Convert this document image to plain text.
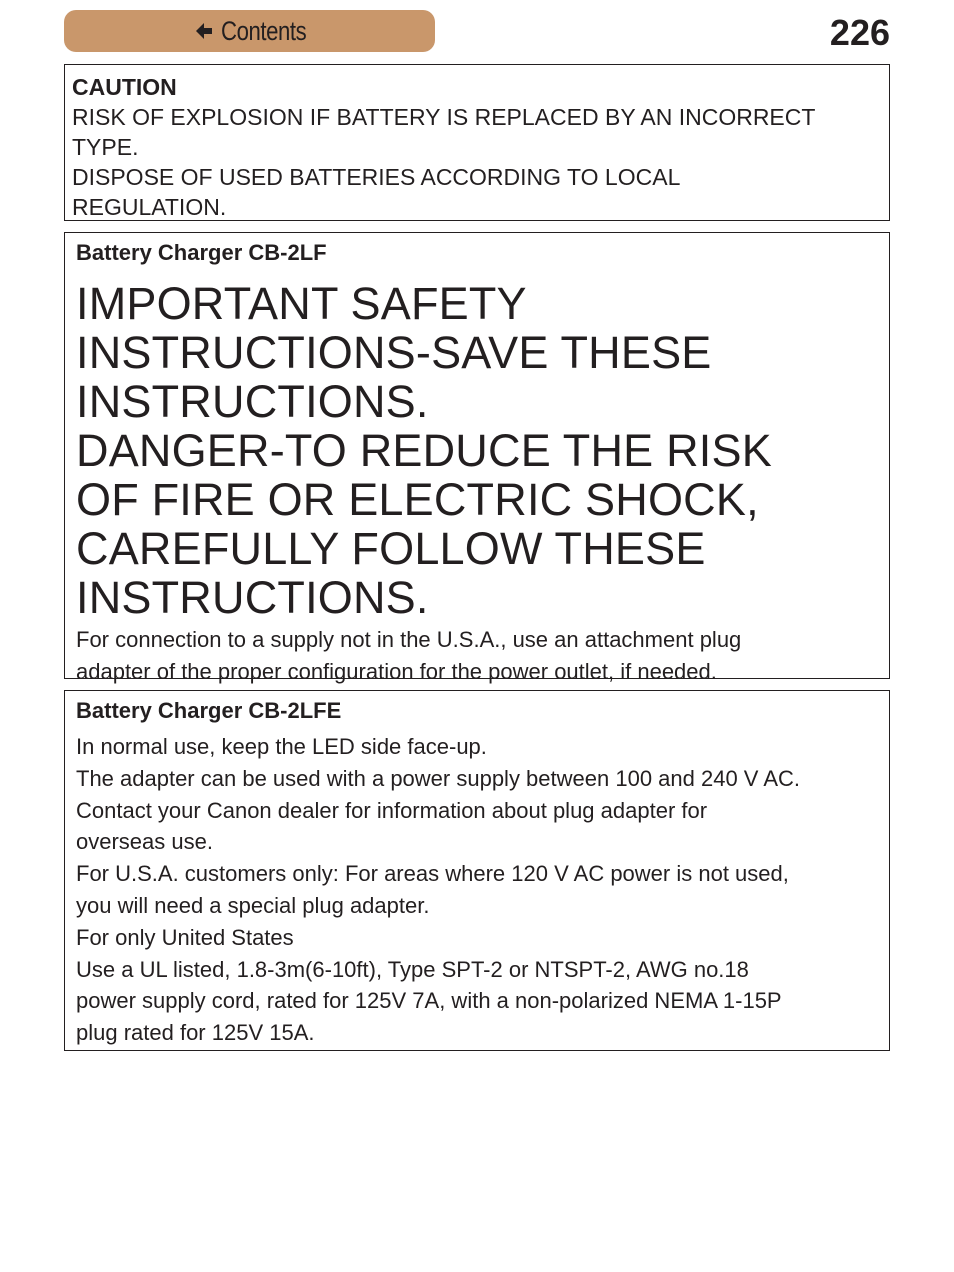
Contents	226
CAUTION
RISK OF EXPLOSION IF BATTERY IS REPLACED BY AN INCORRECT
TYPE.
DISPOSE OF USED BATTERIES ACCORDING TO LOCAL
REGULATION.
Battery Charger CB-2LF
IMPORTANT SAFETY
INSTRUCTIONS-SAVE THESE
INSTRUCTIONS.
DANGER-TO REDUCE THE RISK
OF FIRE OR ELECTRIC SHOCK,
CAREFULLY FOLLOW THESE
INSTRUCTIONS.
For connection to a supply not in the U.S.A., use an attachment plug
adapter of the proper configuration for the power outlet, if needed.
Battery Charger CB-2LFE
In normal use, keep the LED side face-up.
The adapter can be used with a power supply between 100 and 240 V AC.
Contact your Canon dealer for information about plug adapter for
overseas use.
For U.S.A. customers only: For areas where 120 V AC power is not used,
you will need a special plug adapter.
For only United States
Use a UL listed, 1.8-3m(6-10ft), Type SPT-2 or NTSPT-2, AWG no.18
power supply cord, rated for 125V 7A, with a non-polarized NEMA 1-15P
plug rated for 125V 15A.
